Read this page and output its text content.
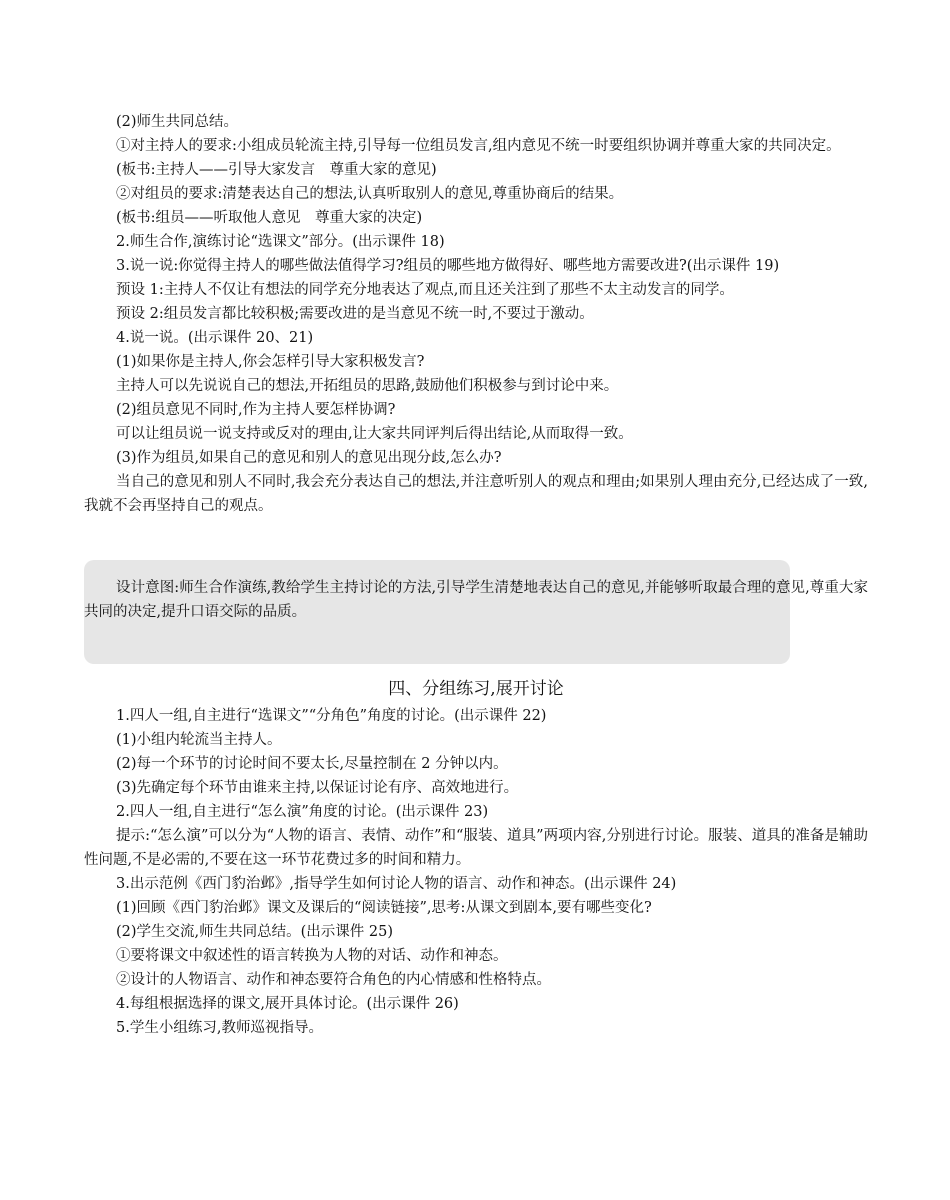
(2)师生共同总结。

①对主持人的要求:小组成员轮流主持,引导每一位组员发言,组内意见不统一时要组织协调并尊重大家的共同决定。

(板书:主持人——引导大家发言　尊重大家的意见)

②对组员的要求:清楚表达自己的想法,认真听取别人的意见,尊重协商后的结果。

(板书:组员——听取他人意见　尊重大家的决定)

2.师生合作,演练讨论“选课文”部分。(出示课件 18)

3.说一说:你觉得主持人的哪些做法值得学习?组员的哪些地方做得好、哪些地方需要改进?(出示课件 19)

预设 1:主持人不仅让有想法的同学充分地表达了观点,而且还关注到了那些不太主动发言的同学。

预设 2:组员发言都比较积极;需要改进的是当意见不统一时,不要过于激动。

4.说一说。(出示课件 20、21)

(1)如果你是主持人,你会怎样引导大家积极发言?

主持人可以先说说自己的想法,开拓组员的思路,鼓励他们积极参与到讨论中来。

(2)组员意见不同时,作为主持人要怎样协调?

可以让组员说一说支持或反对的理由,让大家共同评判后得出结论,从而取得一致。

(3)作为组员,如果自己的意见和别人的意见出现分歧,怎么办?

当自己的意见和别人不同时,我会充分表达自己的想法,并注意听别人的观点和理由;如果别人理由充分,已经达成了一致,我就不会再坚持自己的观点。

设计意图:师生合作演练,教给学生主持讨论的方法,引导学生清楚地表达自己的意见,并能够听取最合理的意见,尊重大家共同的决定,提升口语交际的品质。

四、分组练习,展开讨论

1.四人一组,自主进行“选课文”“分角色”角度的讨论。(出示课件 22)

(1)小组内轮流当主持人。

(2)每一个环节的讨论时间不要太长,尽量控制在 2 分钟以内。

(3)先确定每个环节由谁来主持,以保证讨论有序、高效地进行。

2.四人一组,自主进行“怎么演”角度的讨论。(出示课件 23)

提示:“怎么演”可以分为“人物的语言、表情、动作”和“服装、道具”两项内容,分别进行讨论。服装、道具的准备是辅助性问题,不是必需的,不要在这一环节花费过多的时间和精力。

3.出示范例《西门豹治邺》,指导学生如何讨论人物的语言、动作和神态。(出示课件 24)

(1)回顾《西门豹治邺》课文及课后的“阅读链接”,思考:从课文到剧本,要有哪些变化?

(2)学生交流,师生共同总结。(出示课件 25)

①要将课文中叙述性的语言转换为人物的对话、动作和神态。

②设计的人物语言、动作和神态要符合角色的内心情感和性格特点。

4.每组根据选择的课文,展开具体讨论。(出示课件 26)

5.学生小组练习,教师巡视指导。
